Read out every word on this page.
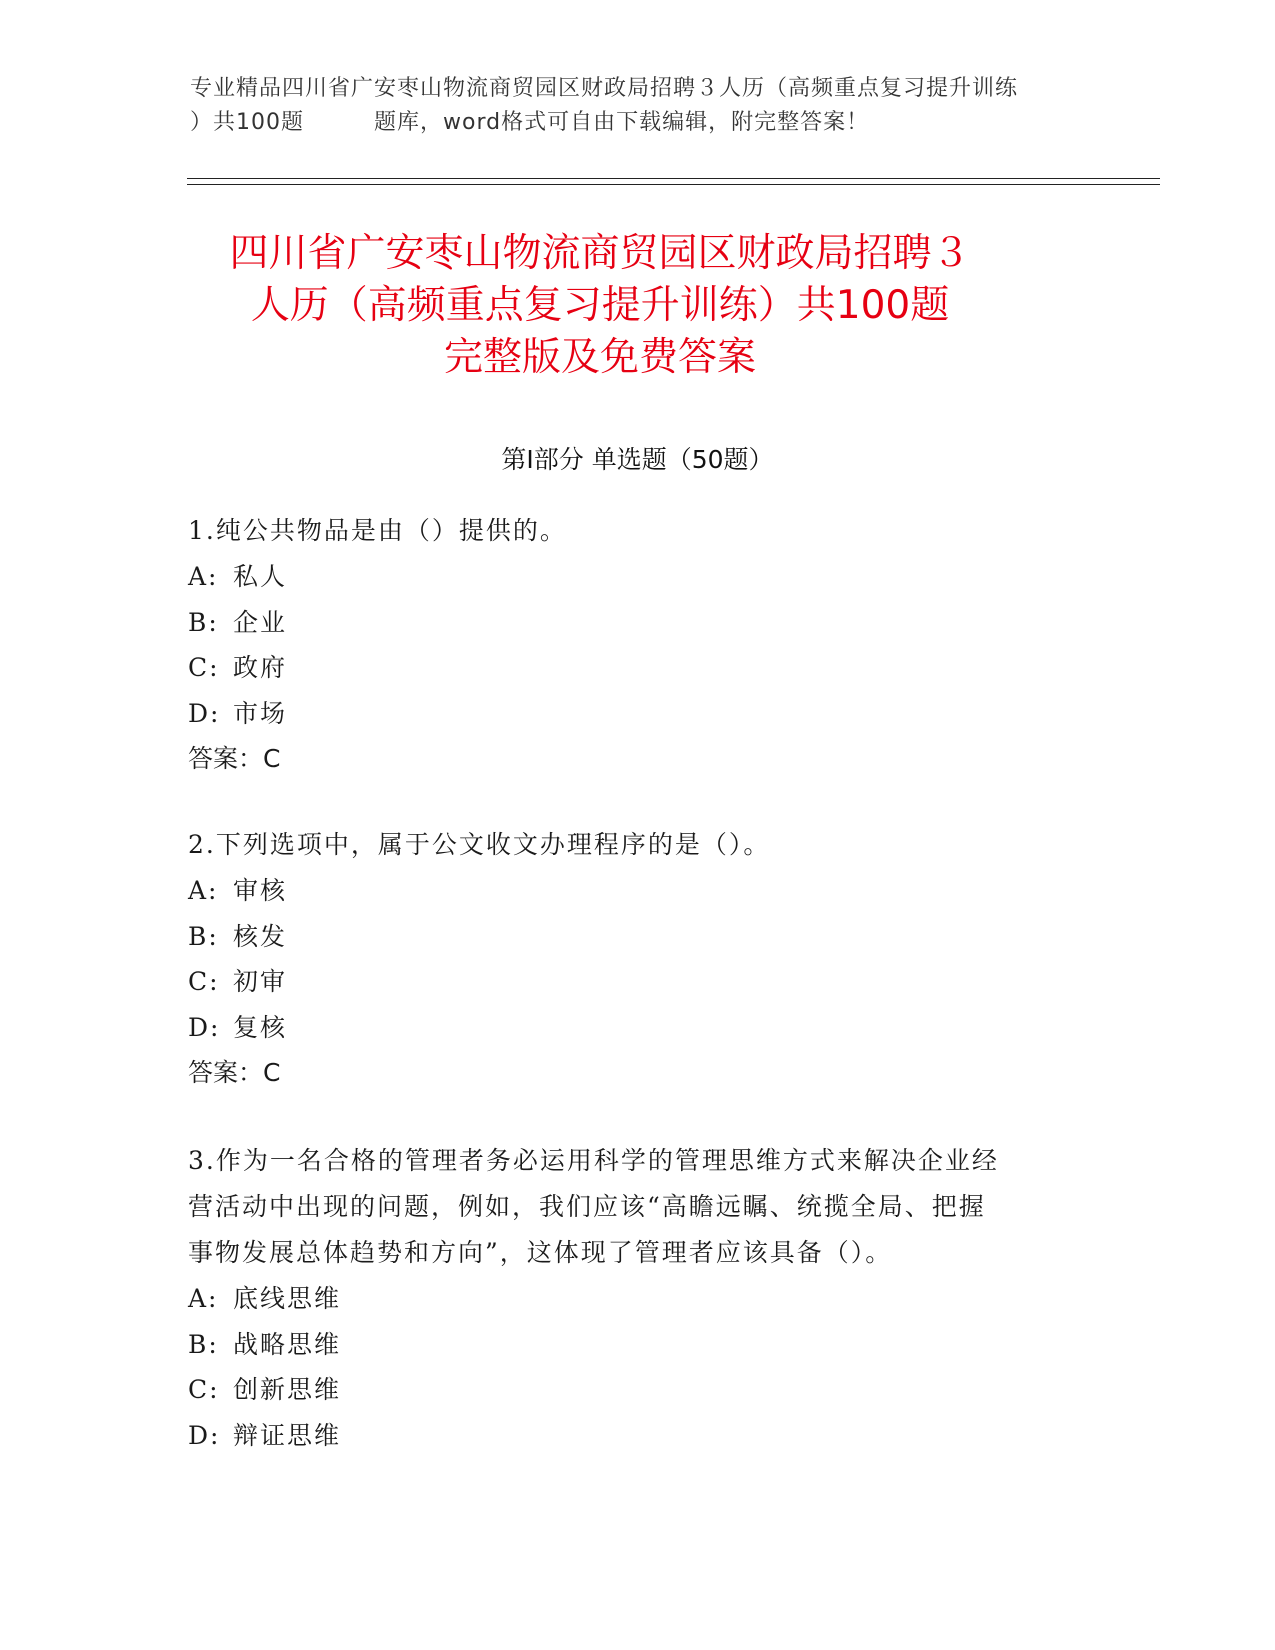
专业精品四川省广安枣山物流商贸园区财政局招聘３人历（高频重点复习提升训练
）共100题	题库，word格式可自由下载编辑，附完整答案！
四川省广安枣山物流商贸园区财政局招聘３
人历（高频重点复习提升训练）共100题
完整版及免费答案
第Ⅰ部分 单选题（50题）

1.纯公共物品是由（）提供的。

A: 私人

B: 企业

C: 政府

D: 市场

答案：C

2.下列选项中，属于公文收文办理程序的是（）。

A: 审核

B: 核发

C: 初审

D: 复核

答案：C

3.作为一名合格的管理者务必运用科学的管理思维方式来解决企业经

营活动中出现的问题，例如，我们应该“高瞻远瞩、统揽全局、把握

事物发展总体趋势和方向”，这体现了管理者应该具备（）。

A: 底线思维

B: 战略思维

C: 创新思维

D: 辩证思维
